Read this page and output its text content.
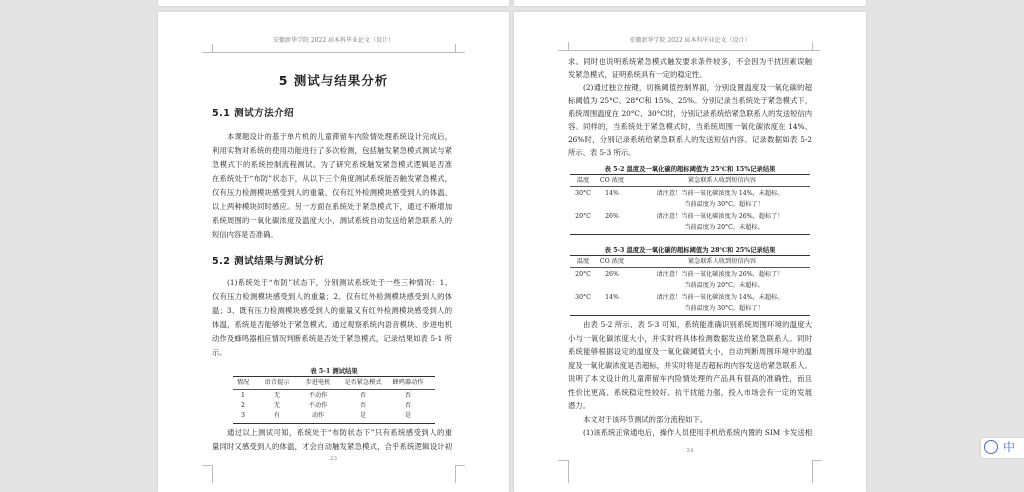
安徽新华学院 2022 届本科毕业论文（设计）
5 测试与结果分析
5.1 测试方法介绍
本课题设计的基于单片机的儿童滞留车内险情处理系统设计完成后，
利用实物对系统的使用功能进行了多次检测，包括触发紧急模式测试与紧
急模式下的系统控制流程测试。为了研究系统触发紧急模式逻辑是否准
在系统处于“布防”状态下，从以下三个角度测试系统能否触发紧急模式，
仅有压力检测模块感受到人的重量、仅有红外检测模块感受到人的体温、
以上两种模块同时感应。另一方面在系统处于紧急模式下，通过不断增加
系统周围的一氧化碳浓度及温度大小，测试系统自动发送给紧急联系人的
短信内容是否准确。
5.2 测试结果与测试分析
(1)系统处于“布防”状态下，分别测试系统处于一些三种情况：1、
仅有压力检测模块感受到人的重量；2、仅有红外检测模块感受到人的体
温；3、既有压力检测模块感受到人的重量又有红外检测模块感受到人的
体温，系统是否能够处于紧急模式。通过观察系统内语音模块、步进电机
动作及蜂鸣器相应情况判断系统是否处于紧急模式，记录结果如表 5-1 所
示。
表 5-1 测试结果
情况 语音提示	步进电机 是否紧急模式 蜂鸣器动作
1	无	不动作	否	否
2	无	不动作	否	否
3	有	动作	是	是
通过以上测试可知，系统处于“布防状态下”只有系统感受到人的重
量同时又感受到人的体温，才会自动触发紧急模式，合乎系统逻辑设计初
23
安徽新华学院 2022 届本科毕业论文（设计）
求。同时也说明系统紧急模式触发要求条件较多，不会因为干扰因素误触
发紧急模式，证明系统具有一定的稳定性。
(2)通过独立按键，切换阈值控制界面，分别设置温度及一氧化碳的超
标阈值为 25°C、28°C和 15%、25%。分别记录当系统处于紧急模式下，
系统周围温度在 20°C、30°C时，分别记录系统给紧急联系人的发送短信内
容。同样的，当系统处于紧急模式时，当系统周围一氧化碳浓度在 14%、
26%时，分别记录系统给紧急联系人的发送短信内容。记录数据如表 5-2
所示、表 5-3 所示。
表 5-2 温度及一氧化碳的超标阈值为 25℃和 15%记录结果
温度 CO 浓度	紧急联系人收到短信内容
30°C 14%	请注意！当前一氧化碳浓度为 14%，未超标。
当前温度为 30°C，超标了！
20°C 26%	请注意！当前一氧化碳浓度为 26%，超标了！
当前温度为 20°C，未超标。
表 5-3 温度及一氧化碳的超标阈值为 28℃和 25%记录结果
温度 CO 浓度	紧急联系人收到短信内容
20°C 26%	请注意！当前一氧化碳浓度为 26%，超标了！
当前温度为 20°C，未超标。
30°C 14%	请注意！当前一氧化碳浓度为 14%，未超标。
当前温度为 30°C，超标了！
由表 5-2 所示、表 5-3 可知，系统能准确识别系统周围环境的温度大
小与一氧化碳浓度大小，并实时将具体检测数据发送给紧急联系人。同时
系统能够根据设定的温度及一氧化碳阈值大小，自动判断周围环境中的温
度及一氧化碳浓度是否超标，并实时将是否超标的内容发送给紧急联系人。
说明了本文设计的儿童滞留车内险情处理的产品具有很高的准确性，而且
性价比更高、系统稳定性较好、抗干扰能力强，投入市场会有一定的发展
潜力。
本文对于该环节测试的部分流程如下。
(1)该系统正常通电后，操作人员使用手机给系统内置的 SIM 卡发送相
24	中
